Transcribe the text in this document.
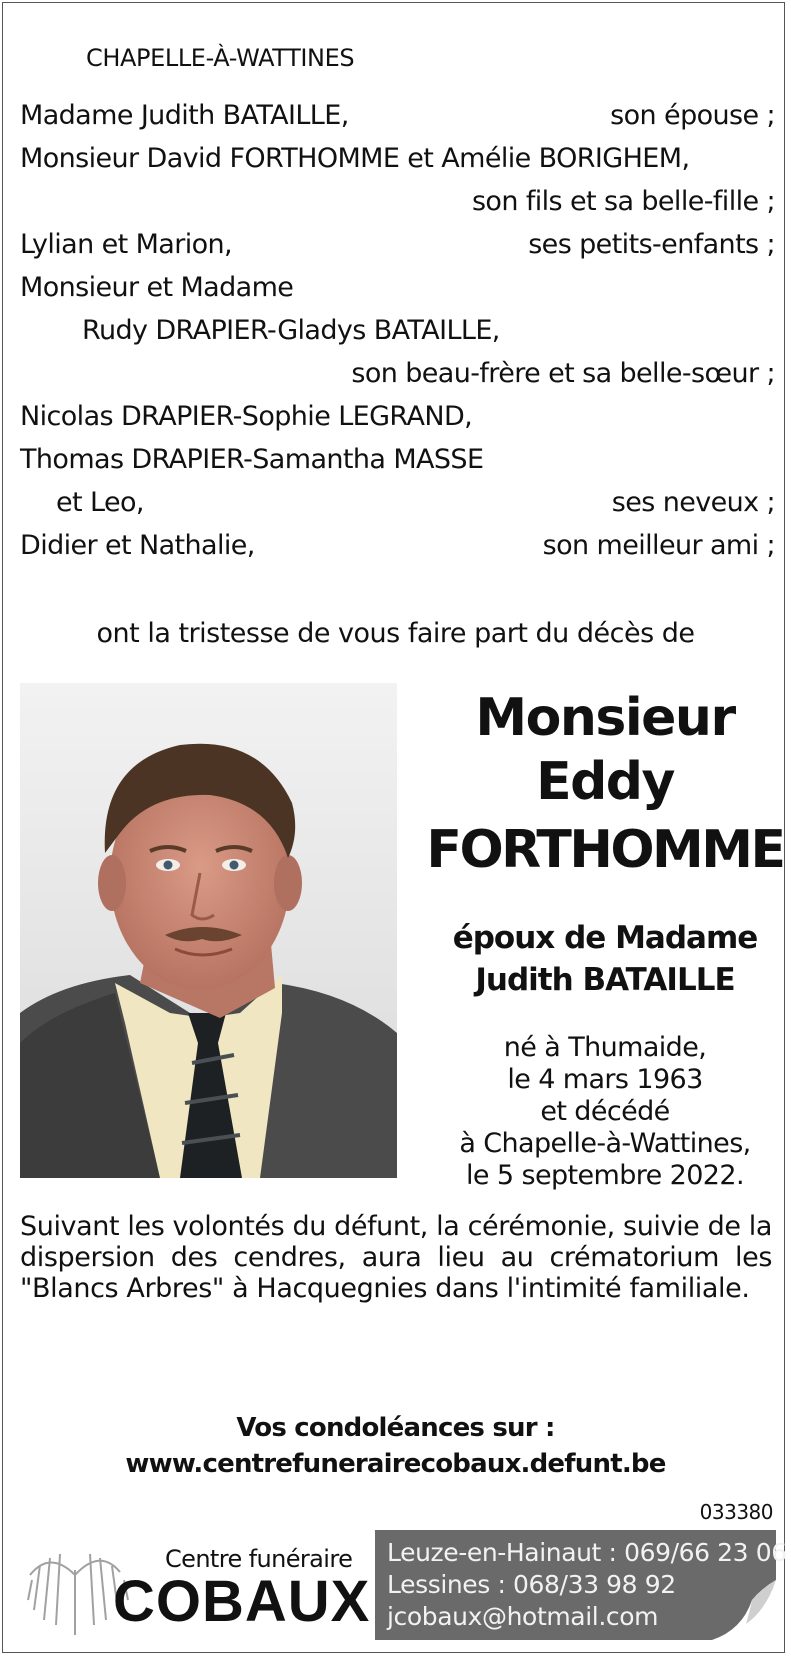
CHAPELLE-À-WATTINES
Madame Judith BATAILLE,	son épouse ;
Monsieur David FORTHOMME et Amélie BORIGHEM,
son fils et sa belle-fille ;
Lylian et Marion,	ses petits-enfants ;
Monsieur et Madame
Rudy DRAPIER-Gladys BATAILLE,
son beau-frère et sa belle-sœur ;
Nicolas DRAPIER-Sophie LEGRAND,
Thomas DRAPIER-Samantha MASSE
et Leo,	ses neveux ;
Didier et Nathalie,	son meilleur ami ;
ont la tristesse de vous faire part du décès de
Monsieur
Eddy
FORTHOMME
époux de Madame
Judith BATAILLE
né à Thumaide,
le 4 mars 1963
et décédé
à Chapelle-à-Wattines,
le 5 septembre 2022.
Suivant les volontés du défunt, la cérémonie, suivie de la dispersion des cendres, aura lieu au crématorium les "Blancs Arbres" à Hacquegnies dans l'intimité familiale.
Vos condoléances sur :
www.centrefunerairecobaux.defunt.be
033380
Centre funéraire
COBAUX
Leuze-en-Hainaut : 069/66 23 06
Lessines : 068/33 98 92
jcobaux@hotmail.com
